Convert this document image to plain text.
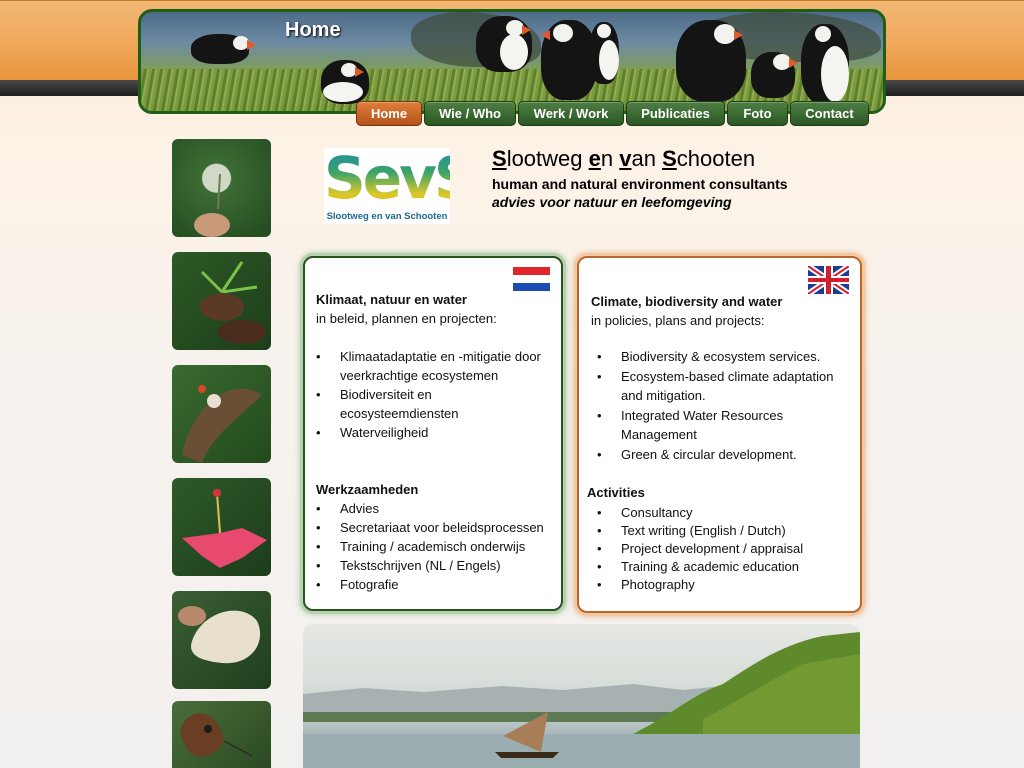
Home
Home	Wie / Who	Werk / Work	Publicaties	Foto	Contact
SevS
Slootweg en van Schooten
Slootweg en van Schooten
human and natural environment consultants
advies voor natuur en leefomgeving

Klimaat, natuur en water

in beleid, plannen en projecten:

• Klimaatadaptatie en -mitigatie door veerkrachtige ecosystemen
• Biodiversiteit en ecosysteemdiensten
• Waterveiligheid

Werkzaamheden

• Advies
• Secretariaat voor beleidsprocessen
• Training / academisch onderwijs
• Tekstschrijven (NL / Engels)
• Fotografie

Climate, biodiversity and water

in policies, plans and projects:

• Biodiversity & ecosystem services.
• Ecosystem-based climate adaptation and mitigation.
• Integrated Water Resources Management
• Green & circular development.

Activities

• Consultancy
• Text writing (English / Dutch)
• Project development / appraisal
• Training & academic education
• Photography
